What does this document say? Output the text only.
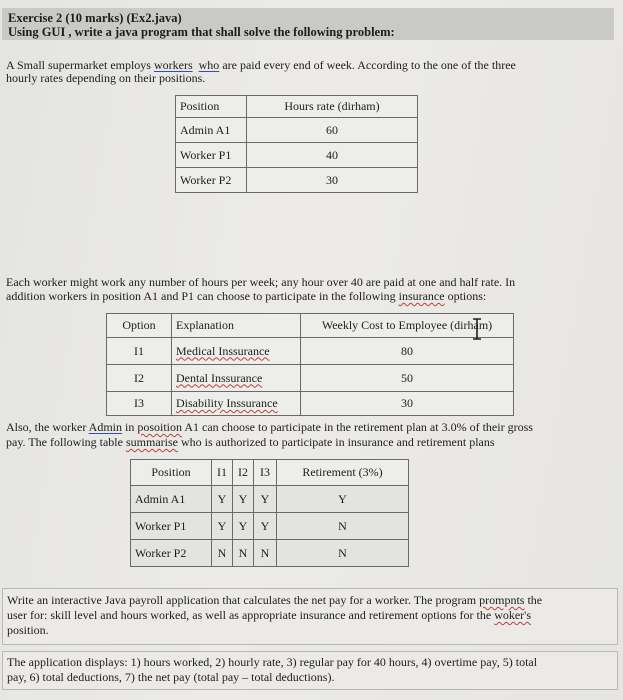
Exercise 2 (10 marks) (Ex2.java)
Using GUI , write a java program that shall solve the following problem:
A Small supermarket employs workers who are paid every end of week. According to the one of the three
hourly rates depending on their positions.
Position	Hours rate (dirham)
Admin A1	60
Worker P1	40
Worker P2	30
Each worker might work any number of hours per week; any hour over 40 are paid at one and half rate. In
addition workers in position A1 and P1 can choose to participate in the following insurance options:
Option	Explanation	Weekly Cost to Employee (dirham)
I1	Medical Inssurance	80
I2	Dental Inssurance	50
I3	Disability Inssurance	30
Also, the worker Admin in posoition A1 can choose to participate in the retirement plan at 3.0% of their gross
pay. The following table summarise who is authorized to participate in insurance and retirement plans
Position	I1	I2	I3	Retirement (3%)
Admin A1	Y	Y	Y	Y
Worker P1	Y	Y	Y	N
Worker P2	N	N	N	N
Write an interactive Java payroll application that calculates the net pay for a worker. The program prompnts the
user for: skill level and hours worked, as well as appropriate insurance and retirement options for the woker's
position.
The application displays: 1) hours worked, 2) hourly rate, 3) regular pay for 40 hours, 4) overtime pay, 5) total
pay, 6) total deductions, 7) the net pay (total pay – total deductions).
